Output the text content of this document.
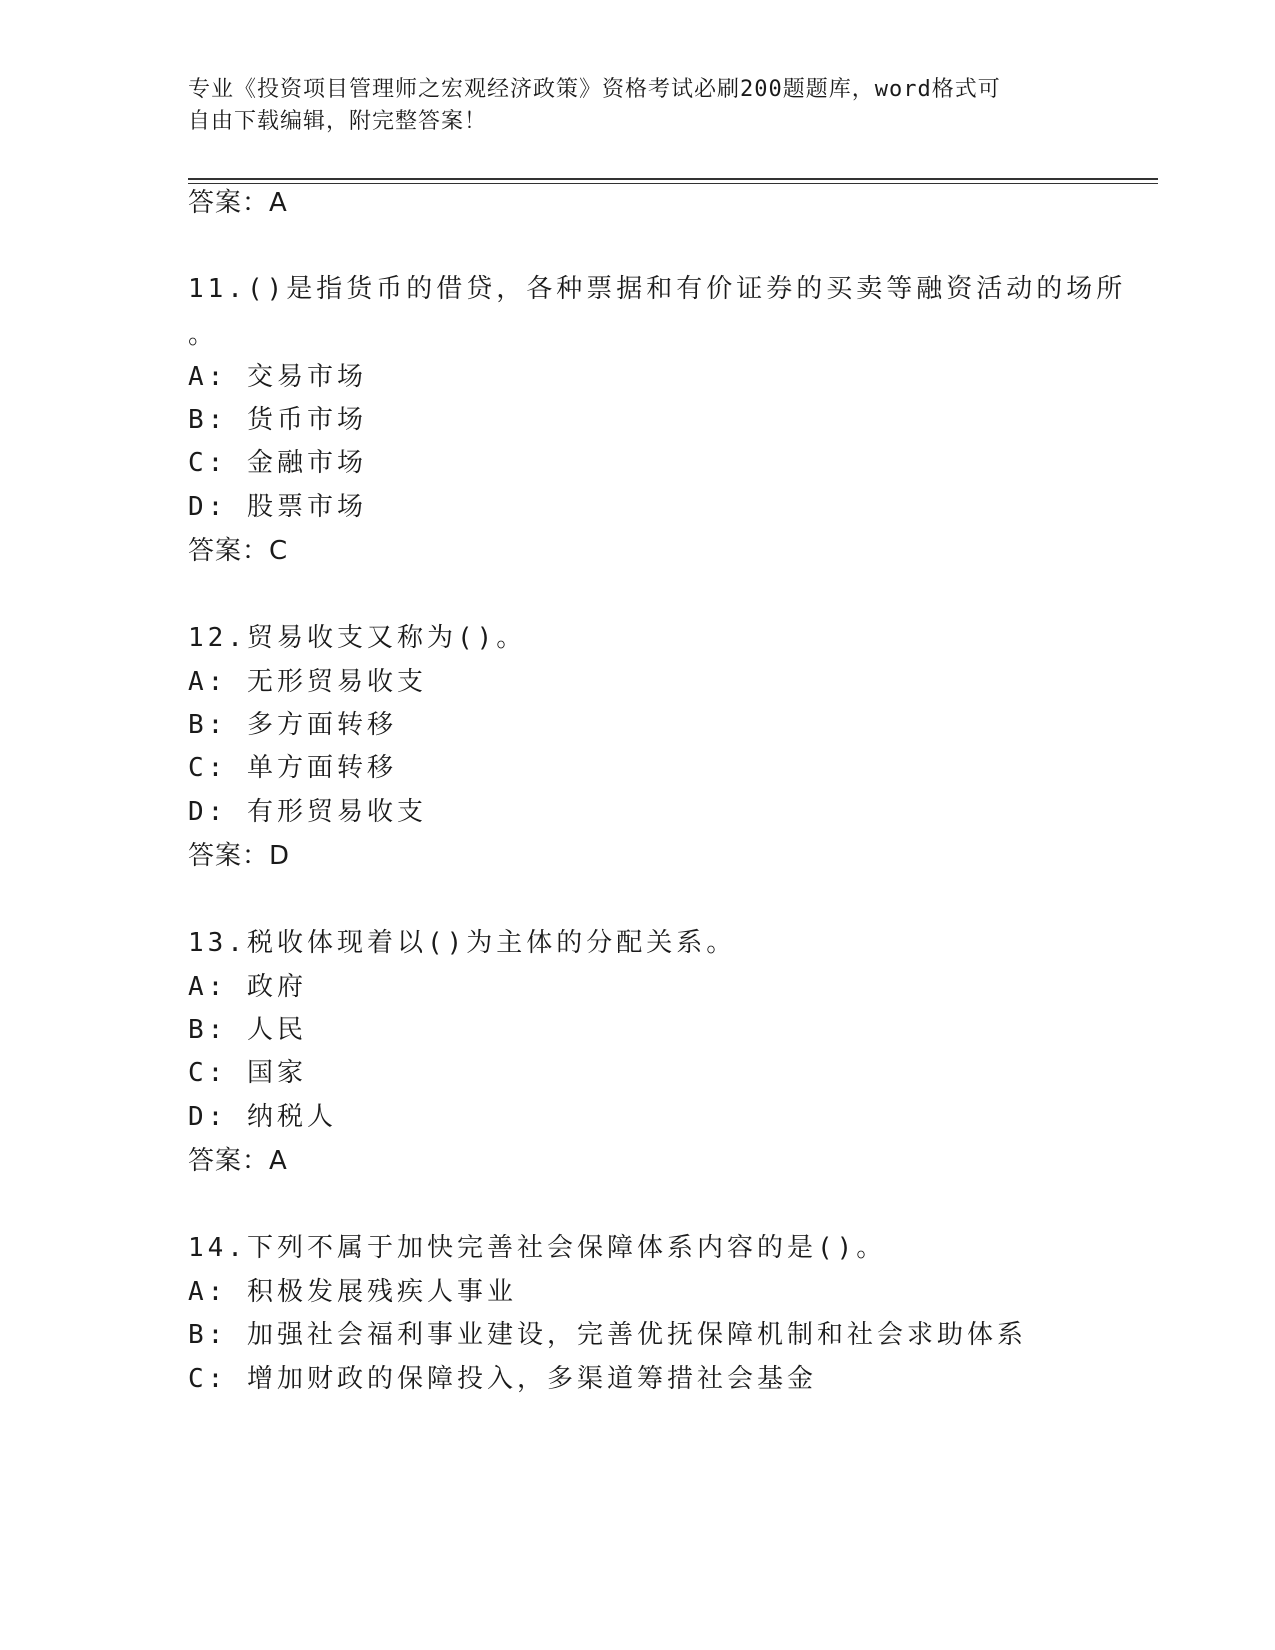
专业《投资项目管理师之宏观经济政策》资格考试必刷200题题库，word格式可
自由下载编辑，附完整答案！
答案：A
11.()是指货币的借贷，各种票据和有价证券的买卖等融资活动的场所
。
A: 交易市场
B: 货币市场
C: 金融市场
D: 股票市场
答案：C
12.贸易收支又称为()。
A: 无形贸易收支
B: 多方面转移
C: 单方面转移
D: 有形贸易收支
答案：D
13.税收体现着以()为主体的分配关系。
A: 政府
B: 人民
C: 国家
D: 纳税人
答案：A
14.下列不属于加快完善社会保障体系内容的是()。
A: 积极发展残疾人事业
B: 加强社会福利事业建设，完善优抚保障机制和社会求助体系
C: 增加财政的保障投入，多渠道筹措社会基金
